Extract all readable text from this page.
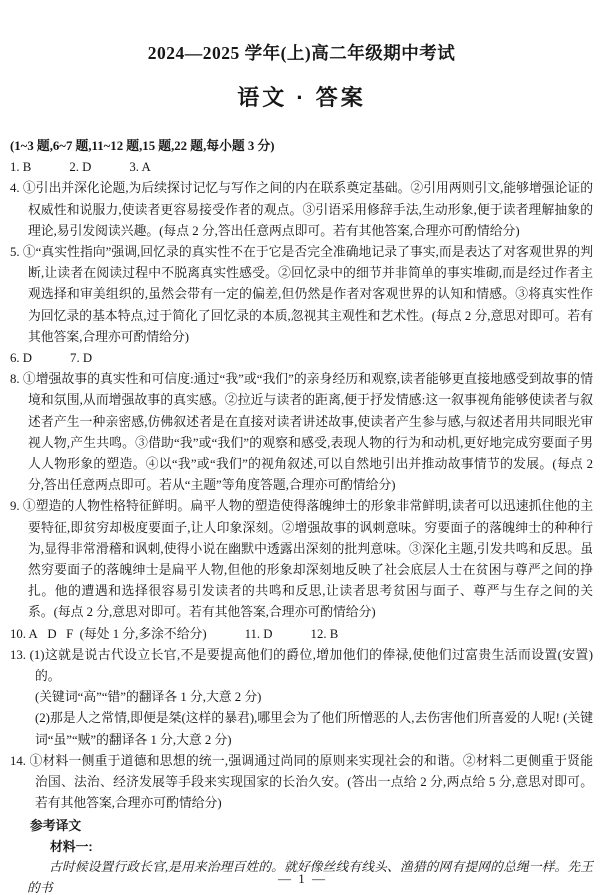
2024—2025 学年(上)高二年级期中考试
语文 · 答案
(1~3 题,6~7 题,11~12 题,15 题,22 题,每小题 3 分)
1. B	2. D	3. A
4. ①引出并深化论题,为后续探讨记忆与写作之间的内在联系奠定基础。②引用两则引文,能够增强论证的权威性和说服力,使读者更容易接受作者的观点。③引语采用修辞手法,生动形象,便于读者理解抽象的理论,易引发阅读兴趣。(每点 2 分,答出任意两点即可。若有其他答案,合理亦可酌情给分)
5. ①“真实性指向”强调,回忆录的真实性不在于它是否完全准确地记录了事实,而是表达了对客观世界的判断,让读者在阅读过程中不脱离真实性感受。②回忆录中的细节并非简单的事实堆砌,而是经过作者主观选择和审美组织的,虽然会带有一定的偏差,但仍然是作者对客观世界的认知和情感。③将真实性作为回忆录的基本特点,过于简化了回忆录的本质,忽视其主观性和艺术性。(每点 2 分,意思对即可。若有其他答案,合理亦可酌情给分)
6. D	7. D
8. ①增强故事的真实性和可信度:通过“我”或“我们”的亲身经历和观察,读者能够更直接地感受到故事的情境和氛围,从而增强故事的真实感。②拉近与读者的距离,便于抒发情感:这一叙事视角能够使读者与叙述者产生一种亲密感,仿佛叙述者是在直接对读者讲述故事,使读者产生参与感,与叙述者用共同眼光审视人物,产生共鸣。③借助“我”或“我们”的观察和感受,表现人物的行为和动机,更好地完成穷要面子男人人物形象的塑造。④以“我”或“我们”的视角叙述,可以自然地引出并推动故事情节的发展。(每点 2 分,答出任意两点即可。若从“主题”等角度答题,合理亦可酌情给分)
9. ①塑造的人物性格特征鲜明。扁平人物的塑造使得落魄绅士的形象非常鲜明,读者可以迅速抓住他的主要特征,即贫穷却极度要面子,让人印象深刻。②增强故事的讽刺意味。穷要面子的落魄绅士的种种行为,显得非常滑稽和讽刺,使得小说在幽默中透露出深刻的批判意味。③深化主题,引发共鸣和反思。虽然穷要面子的落魄绅士是扁平人物,但他的形象却深刻地反映了社会底层人士在贫困与尊严之间的挣扎。他的遭遇和选择很容易引发读者的共鸣和反思,让读者思考贫困与面子、尊严与生存之间的关系。(每点 2 分,意思对即可。若有其他答案,合理亦可酌情给分)
10. A   D   F  (每处 1 分,多涂不给分)	11. D	12. B
13. (1)这就是说古代设立长官,不是要提高他们的爵位,增加他们的俸禄,使他们过富贵生活而设置(安置)的。
(关键词“高”“错”的翻译各 1 分,大意 2 分)
(2)那是人之常情,即便是桀(这样的暴君),哪里会为了他们所憎恶的人,去伤害他们所喜爱的人呢! (关键词“虽”“贼”的翻译各 1 分,大意 2 分)
14. ①材料一侧重于道德和思想的统一,强调通过尚同的原则来实现社会的和谐。②材料二更侧重于贤能治国、法治、经济发展等手段来实现国家的长治久安。(答出一点给 2 分,两点给 5 分,意思对即可。若有其他答案,合理亦可酌情给分)
参考译文
材料一:
古时候设置行政长官,是用来治理百姓的。就好像丝线有线头、渔猎的网有提网的总绳一样。先王的书
— 1 —
